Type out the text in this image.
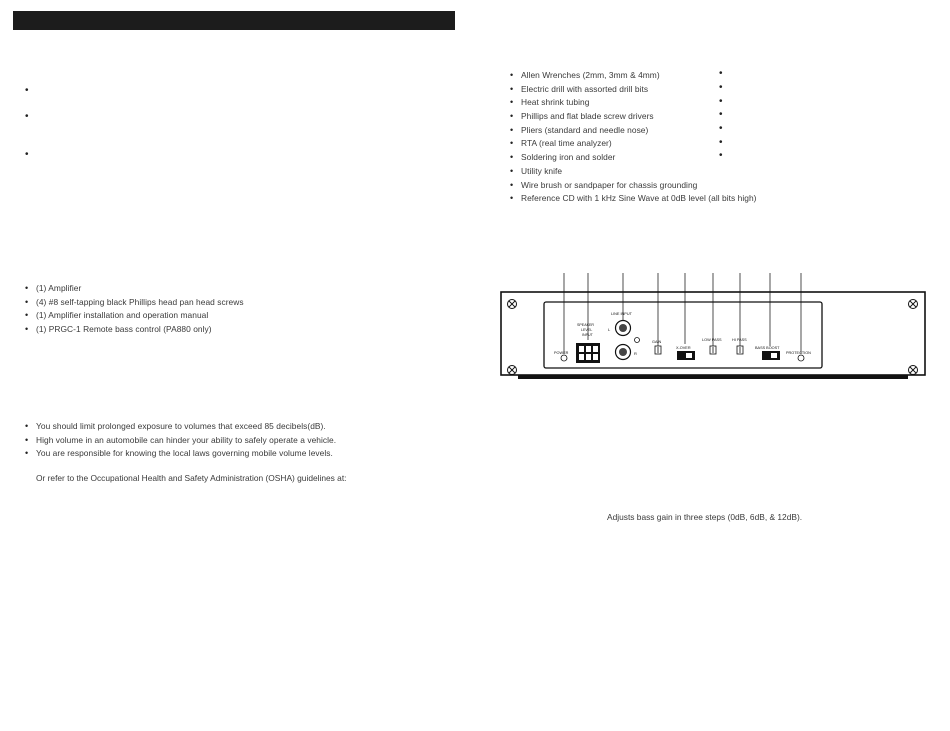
•
•
•
• (1) Amplifier
• (4) #8 self-tapping black Phillips head pan head screws
• (1) Amplifier installation and operation manual
• (1) PRGC-1 Remote bass control (PA880 only)
• You should limit prolonged exposure to volumes that exceed 85 decibels(dB).
• High volume in an automobile can hinder your ability to safely operate a vehicle.
• You are responsible for knowing the local laws governing mobile volume levels.
Or refer to the Occupational Health and Safety Administration (OSHA) guidelines at:
• Allen Wrenches (2mm, 3mm & 4mm)
• Electric drill with assorted drill bits
• Heat shrink tubing
• Phillips and flat blade screw drivers
• Pliers (standard and needle nose)
• RTA (real time analyzer)
• Soldering iron and solder
• Utility knife
• Wire brush or sandpaper for chassis grounding
• Reference CD with 1 kHz Sine Wave at 0dB level (all bits high)
•
•
•
•
•
•
•
POWER
SPEAKER
LEVEL
INPUT
LINE INPUT
L
R
GAIN
X-OVER
LOW PASS	HI PASS
BASS BOOST
PROTECTION
Adjusts bass gain in three steps (0dB, 6dB, & 12dB).
